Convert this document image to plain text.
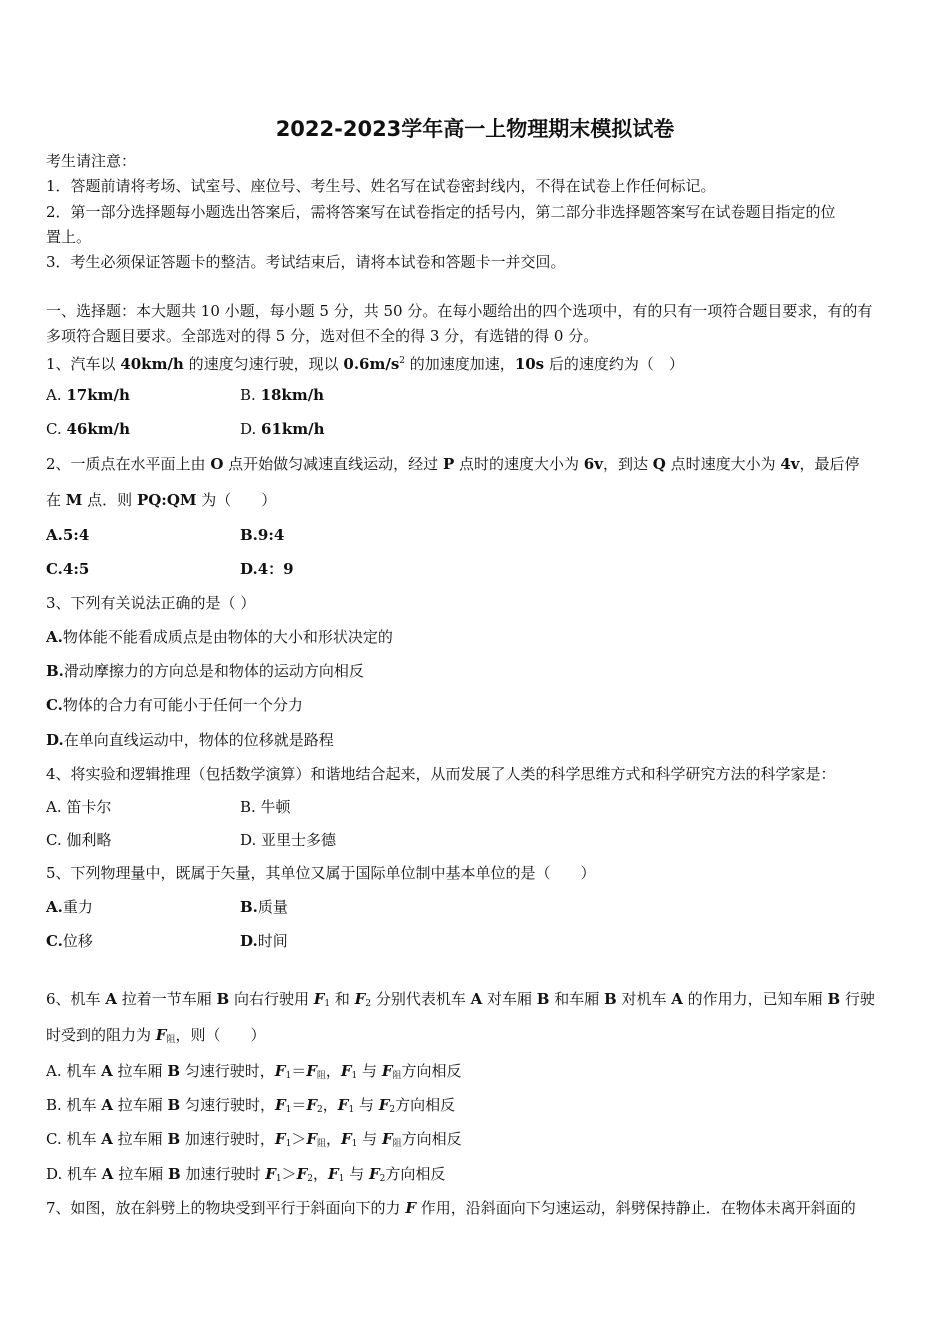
2022-2023学年高一上物理期末模拟试卷
考生请注意：
1．答题前请将考场、试室号、座位号、考生号、姓名写在试卷密封线内，不得在试卷上作任何标记。
2．第一部分选择题每小题选出答案后，需将答案写在试卷指定的括号内，第二部分非选择题答案写在试卷题目指定的位
置上。
3．考生必须保证答题卡的整洁。考试结束后，请将本试卷和答题卡一并交回。
一、选择题：本大题共 10 小题，每小题 5 分，共 50 分。在每小题给出的四个选项中，有的只有一项符合题目要求，有的有
多项符合题目要求。全部选对的得 5 分，选对但不全的得 3 分，有选错的得 0 分。
1、汽车以 40km/h 的速度匀速行驶，现以 $0.6m/s^2$ 的加速度加速，10s 后的速度约为（　）
A. 17km/h	B. 18km/h
C. 46km/h	D. 61km/h
2、一质点在水平面上由 O 点开始做匀减速直线运动，经过 P 点时的速度大小为 6v，到达 Q 点时速度大小为 4v，最后停
在 M 点．则 PQ:QM 为（　　）
A.5:4	B.9:4
C.4:5	D.4：9
3、下列有关说法正确的是（ ）
A.物体能不能看成质点是由物体的大小和形状决定的
B.滑动摩擦力的方向总是和物体的运动方向相反
C.物体的合力有可能小于任何一个分力
D.在单向直线运动中，物体的位移就是路程
4、将实验和逻辑推理（包括数学演算）和谐地结合起来，从而发展了人类的科学思维方式和科学研究方法的科学家是：
A. 笛卡尔	B. 牛顿
C. 伽利略	D. 亚里士多德
5、下列物理量中，既属于矢量，其单位又属于国际单位制中基本单位的是（　　）
A.重力	B.质量
C.位移	D.时间
6、机车 A 拉着一节车厢 B 向右行驶用 $F_1$ 和 $F_2$ 分别代表机车 A 对车厢 B 和车厢 B 对机车 A 的作用力，已知车厢 B 行驶
时受到的阻力为 $F_阻$，则（　　）
A. 机车 A 拉车厢 B 匀速行驶时，$F_1=F_阻$，$F_1$ 与 $F_阻$方向相反
B. 机车 A 拉车厢 B 匀速行驶时，$F_1=F_2$，$F_1$ 与 $F_2$方向相反
C. 机车 A 拉车厢 B 加速行驶时，$F_1>F_阻$，$F_1$ 与 $F_阻$方向相反
D. 机车 A 拉车厢 B 加速行驶时 $F_1>F_2$，$F_1$ 与 $F_2$方向相反
7、如图，放在斜劈上的物块受到平行于斜面向下的力 F 作用，沿斜面向下匀速运动，斜劈保持静止．在物体未离开斜面的
